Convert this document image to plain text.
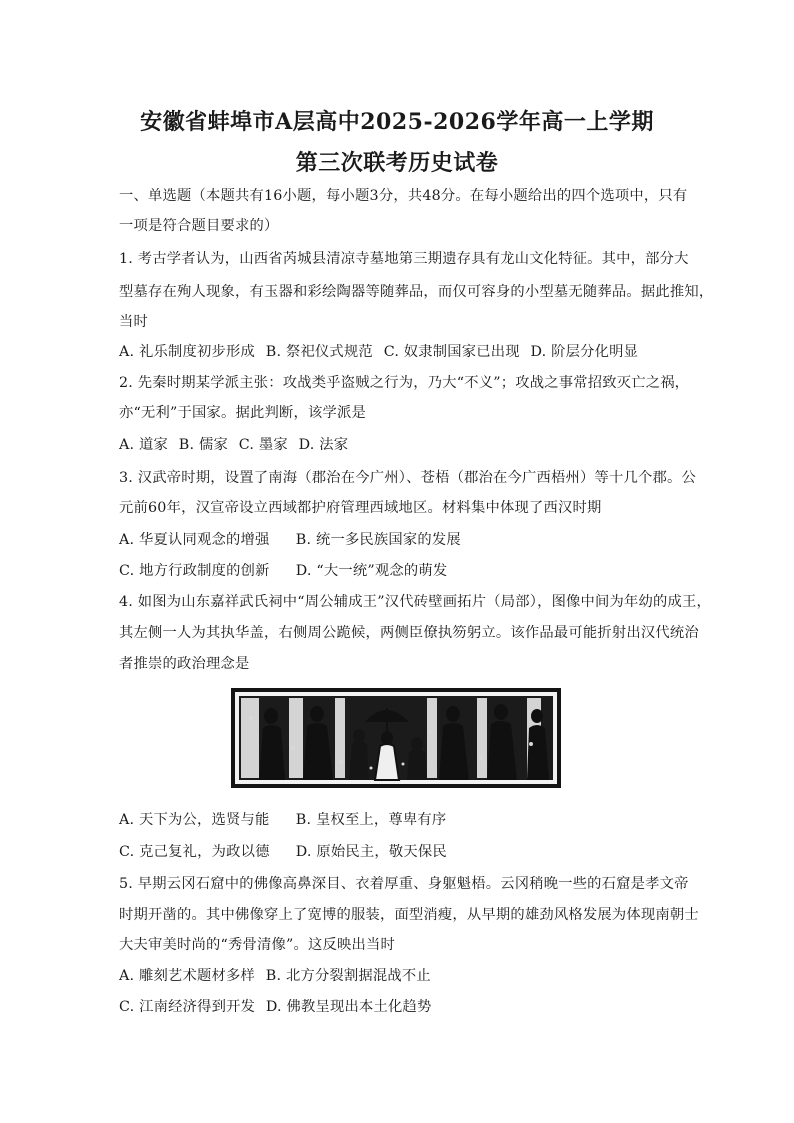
安徽省蚌埠市A层高中2025-2026学年高一上学期
第三次联考历史试卷
一、单选题（本题共有16小题，每小题3分，共48分。在每小题给出的四个选项中，只有
一项是符合题目要求的）
1. 考古学者认为，山西省芮城县清凉寺墓地第三期遗存具有龙山文化特征。其中，部分大
型墓存在殉人现象，有玉器和彩绘陶器等随葬品，而仅可容身的小型墓无随葬品。据此推知，
当时
A. 礼乐制度初步形成 B. 祭祀仪式规范 C. 奴隶制国家已出现 D. 阶层分化明显
2. 先秦时期某学派主张：攻战类乎盗贼之行为，乃大“不义”；攻战之事常招致灭亡之祸，
亦“无利”于国家。据此判断，该学派是
A. 道家 B. 儒家 C. 墨家 D. 法家
3. 汉武帝时期，设置了南海（郡治在今广州）、苍梧（郡治在今广西梧州）等十几个郡。公
元前60年，汉宣帝设立西域都护府管理西域地区。材料集中体现了西汉时期
A. 华夏认同观念的增强 B. 统一多民族国家的发展
C. 地方行政制度的创新 D. “大一统”观念的萌发
4. 如图为山东嘉祥武氏祠中“周公辅成王”汉代砖壁画拓片（局部），图像中间为年幼的成王，
其左侧一人为其执华盖，右侧周公跪候，两侧臣僚执笏躬立。该作品最可能折射出汉代统治
者推崇的政治理念是
A. 天下为公，选贤与能 B. 皇权至上，尊卑有序
C. 克己复礼，为政以德 D. 原始民主，敬天保民
5. 早期云冈石窟中的佛像高鼻深目、衣着厚重、身躯魁梧。云冈稍晚一些的石窟是孝文帝
时期开凿的。其中佛像穿上了宽博的服装，面型消瘦，从早期的雄劲风格发展为体现南朝士
大夫审美时尚的“秀骨清像”。这反映出当时
A. 雕刻艺术题材多样 B. 北方分裂割据混战不止
C. 江南经济得到开发 D. 佛教呈现出本土化趋势
